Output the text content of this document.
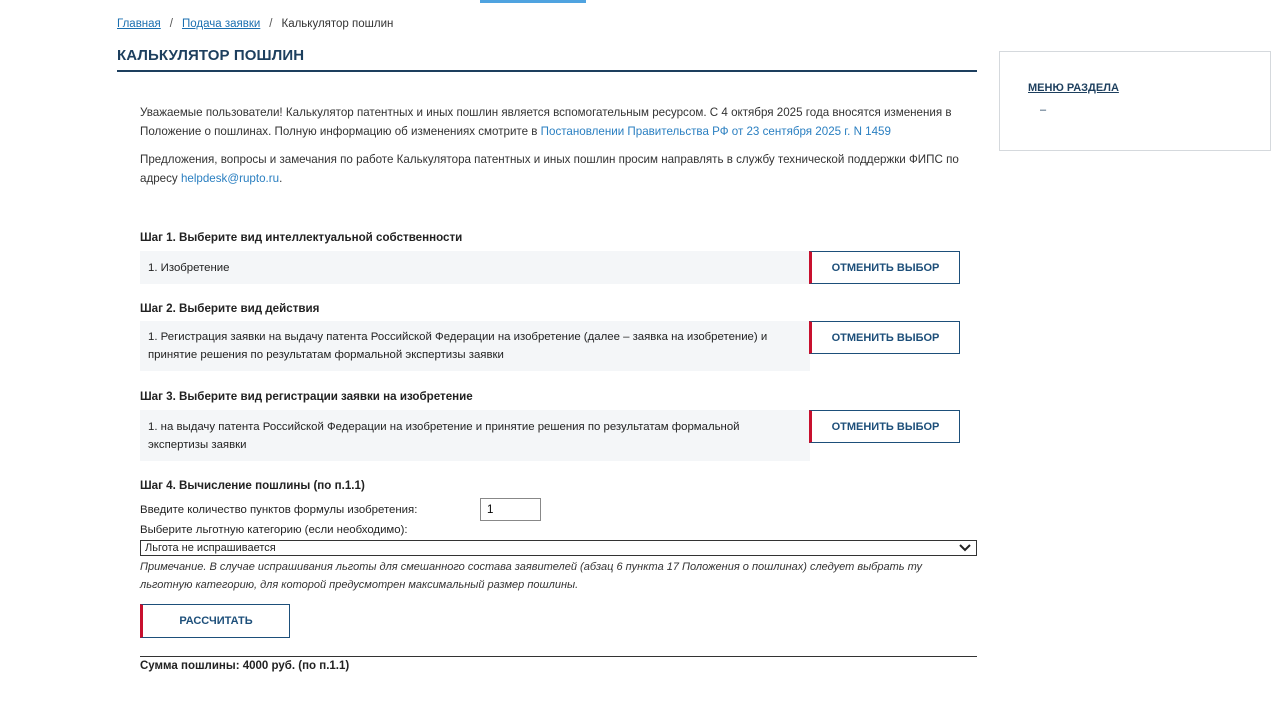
Главная / Подача заявки / Калькулятор пошлин
КАЛЬКУЛЯТОР ПОШЛИН

Уважаемые пользователи! Калькулятор патентных и иных пошлин является вспомогательным ресурсом. С 4 октября 2025 года вносятся изменения в Положение о пошлинах. Полную информацию об изменениях смотрите в Постановлении Правительства РФ от 23 сентября 2025 г. N 1459

Предложения, вопросы и замечания по работе Калькулятора патентных и иных пошлин просим направлять в службу технической поддержки ФИПС по адресу helpdesk@rupto.ru.

Шаг 1. Выберите вид интеллектуальной собственности
1. Изобретение	ОТМЕНИТЬ ВЫБОР
Шаг 2. Выберите вид действия
1. Регистрация заявки на выдачу патента Российской Федерации на изобретение (далее – заявка на изобретение) и принятие решения по результатам формальной экспертизы заявки
ОТМЕНИТЬ ВЫБОР
Шаг 3. Выберите вид регистрации заявки на изобретение
1. на выдачу патента Российской Федерации на изобретение и принятие решения по результатам формальной экспертизы заявки
ОТМЕНИТЬ ВЫБОР
Шаг 4. Вычисление пошлины (по п.1.1)
Введите количество пунктов формулы изобретения:
1
Выберите льготную категорию (если необходимо):
Льгота не испрашивается
Примечание. В случае испрашивания льготы для смешанного состава заявителей (абзац 6 пункта 17 Положения о пошлинах) следует выбрать ту льготную категорию, для которой предусмотрен максимальный размер пошлины.
РАССЧИТАТЬ
Сумма пошлины: 4000 руб. (по п.1.1)
МЕНЮ РАЗДЕЛА
–
